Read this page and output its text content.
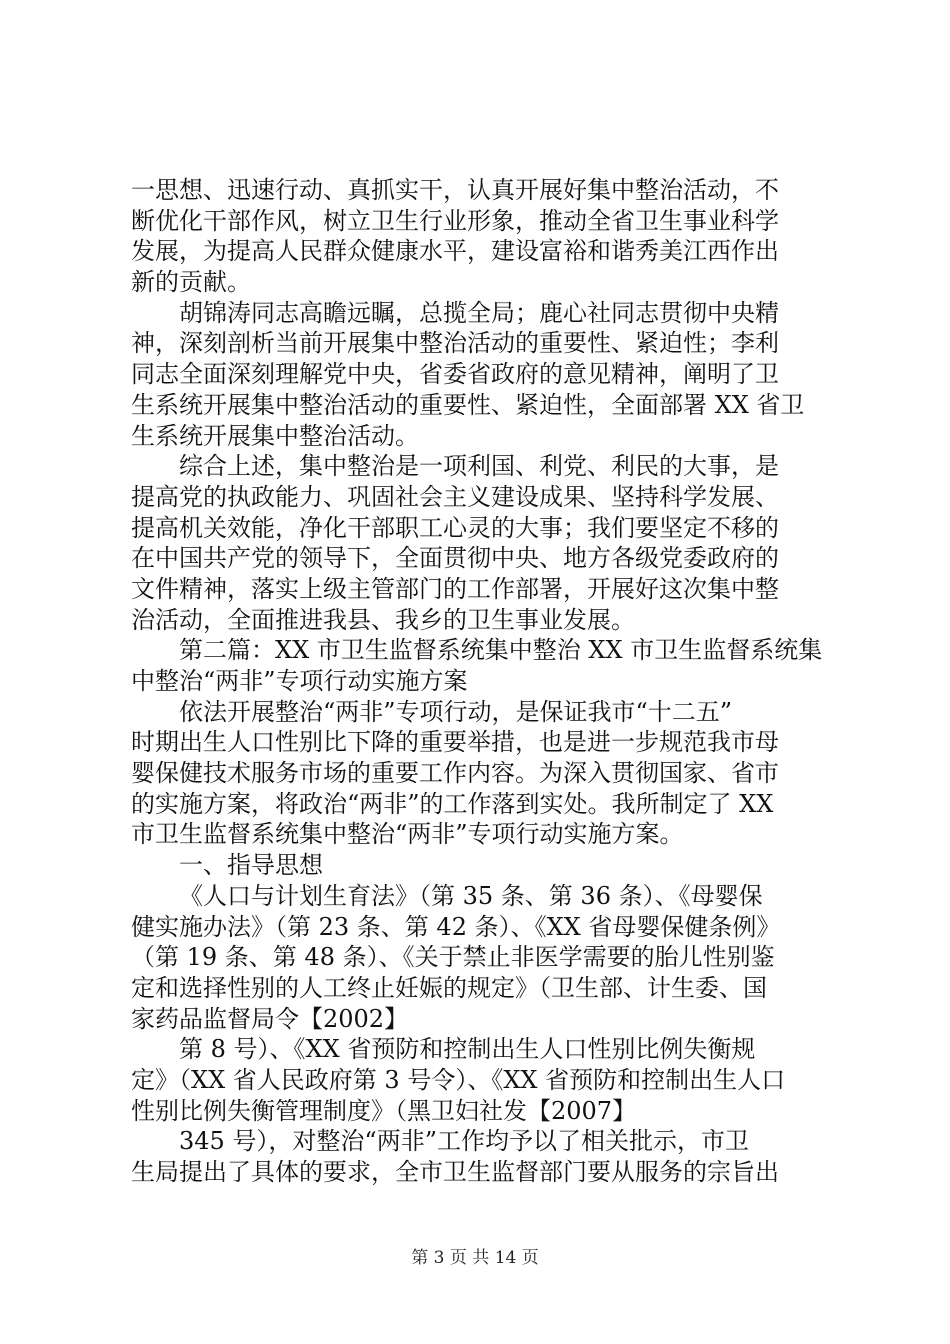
一思想、迅速行动、真抓实干，认真开展好集中整治活动，不
断优化干部作风，树立卫生行业形象，推动全省卫生事业科学
发展，为提高人民群众健康水平，建设富裕和谐秀美江西作出
新的贡献。
胡锦涛同志高瞻远瞩，总揽全局；鹿心社同志贯彻中央精
神，深刻剖析当前开展集中整治活动的重要性、紧迫性；李利
同志全面深刻理解党中央，省委省政府的意见精神，阐明了卫
生系统开展集中整治活动的重要性、紧迫性，全面部署 XX 省卫
生系统开展集中整治活动。
综合上述，集中整治是一项利国、利党、利民的大事，是
提高党的执政能力、巩固社会主义建设成果、坚持科学发展、
提高机关效能，净化干部职工心灵的大事；我们要坚定不移的
在中国共产党的领导下，全面贯彻中央、地方各级党委政府的
文件精神，落实上级主管部门的工作部署，开展好这次集中整
治活动，全面推进我县、我乡的卫生事业发展。
第二篇：XX 市卫生监督系统集中整治 XX 市卫生监督系统集
中整治“两非”专项行动实施方案
依法开展整治“两非”专项行动，是保证我市“十二五”
时期出生人口性别比下降的重要举措，也是进一步规范我市母
婴保健技术服务市场的重要工作内容。为深入贯彻国家、省市
的实施方案，将政治“两非”的工作落到实处。我所制定了 XX
市卫生监督系统集中整治“两非”专项行动实施方案。
一、指导思想
《人口与计划生育法》（第 35 条、第 36 条）、《母婴保
健实施办法》（第 23 条、第 42 条）、《XX 省母婴保健条例》
（第 19 条、第 48 条）、《关于禁止非医学需要的胎儿性别鉴
定和选择性别的人工终止妊娠的规定》（卫生部、计生委、国
家药品监督局令【2002】
第 8 号）、《XX 省预防和控制出生人口性别比例失衡规
定》（XX 省人民政府第 3 号令）、《XX 省预防和控制出生人口
性别比例失衡管理制度》（黑卫妇社发【2007】
345 号），对整治“两非”工作均予以了相关批示，市卫
生局提出了具体的要求，全市卫生监督部门要从服务的宗旨出
第 3 页 共 14 页
